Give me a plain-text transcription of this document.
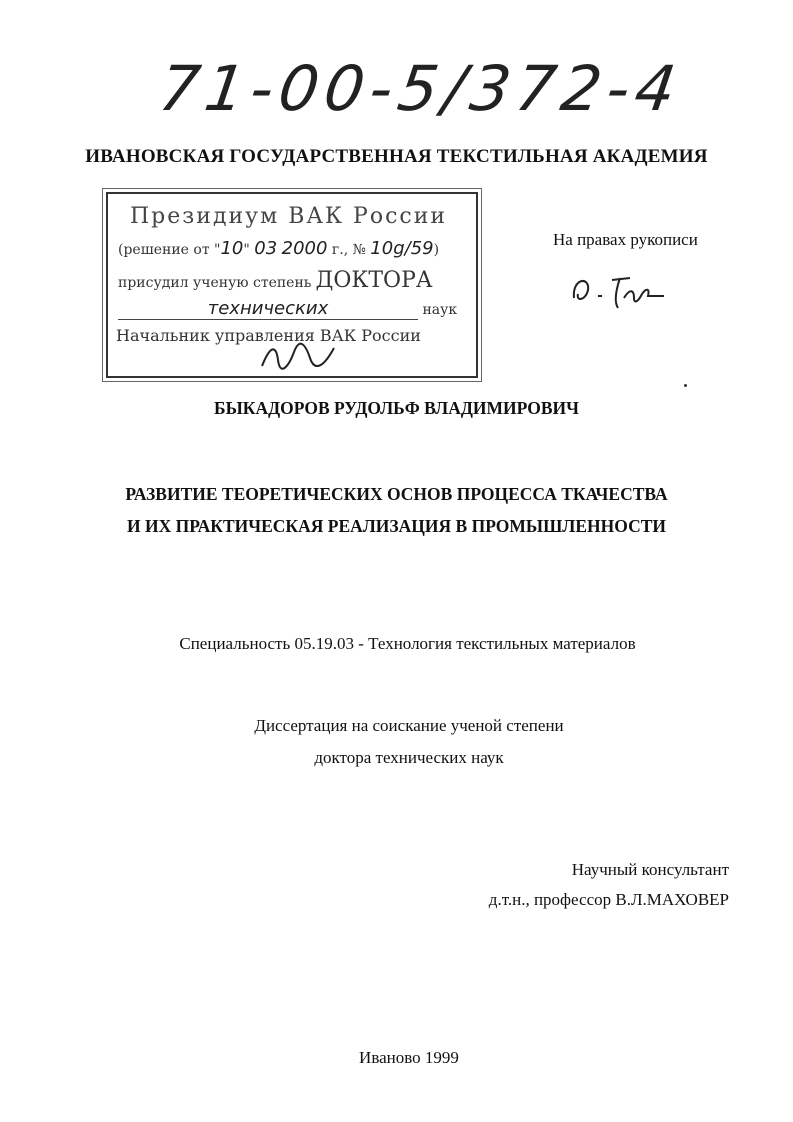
71-00-5/372-4
ИВАНОВСКАЯ ГОСУДАРСТВЕННАЯ ТЕКСТИЛЬНАЯ АКАДЕМИЯ
Президиум ВАК России
(решение от "10" 03 2000 г., № 10g/59)
присудил ученую степень ДОКТОРА
технических	наук
Начальник управления ВАК России
На правах рукописи
БЫКАДОРОВ РУДОЛЬФ ВЛАДИМИРОВИЧ
РАЗВИТИЕ ТЕОРЕТИЧЕСКИХ ОСНОВ ПРОЦЕССА ТКАЧЕСТВА
И ИХ ПРАКТИЧЕСКАЯ РЕАЛИЗАЦИЯ В ПРОМЫШЛЕННОСТИ
Специальность 05.19.03 - Технология текстильных материалов
Диссертация на соискание ученой степени
доктора технических наук
Научный консультант
д.т.н., профессор В.Л.МАХОВЕР
Иваново 1999
